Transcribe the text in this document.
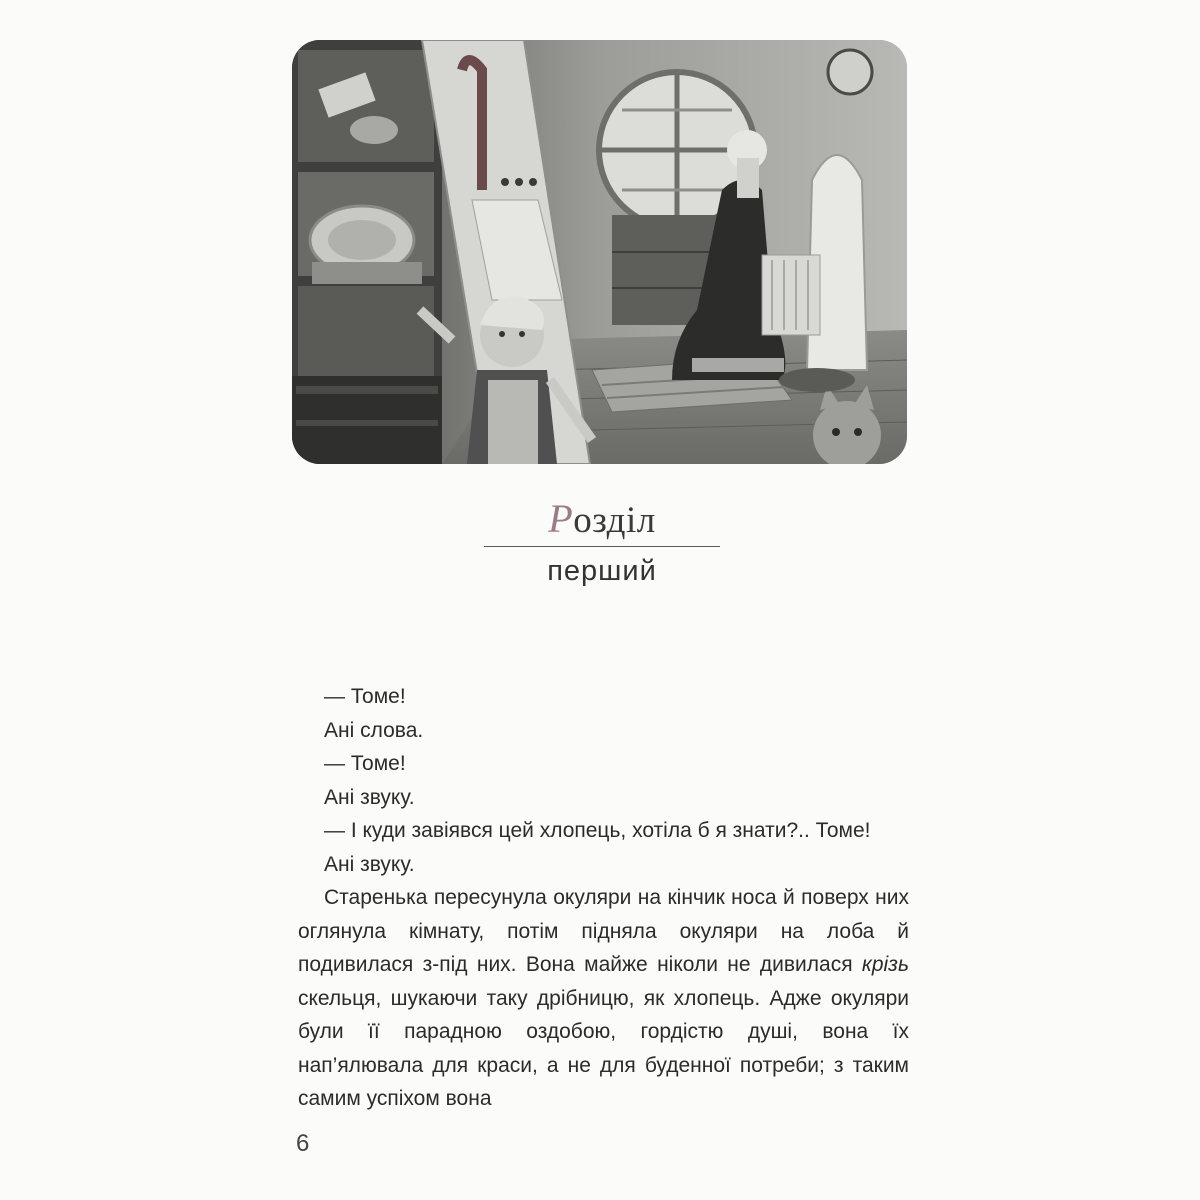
Розділ
перший

— Томе!

Ані слова.

— Томе!

Ані звуку.

— І куди завіявся цей хлопець, хотіла б я знати?.. Томе!

Ані звуку.

Старенька пересунула окуляри на кінчик носа й поверх них оглянула кімнату, потім підняла окуляри на лоба й подивилася з-під них. Вона майже ніколи не дивилася крізь скельця, шукаючи таку дрібницю, як хлопець. Адже окуляри були її парадною оздобою, гордістю душі, вона їх нап’ялювала для краси, а не для буденної потреби; з таким самим успіхом вона

6
